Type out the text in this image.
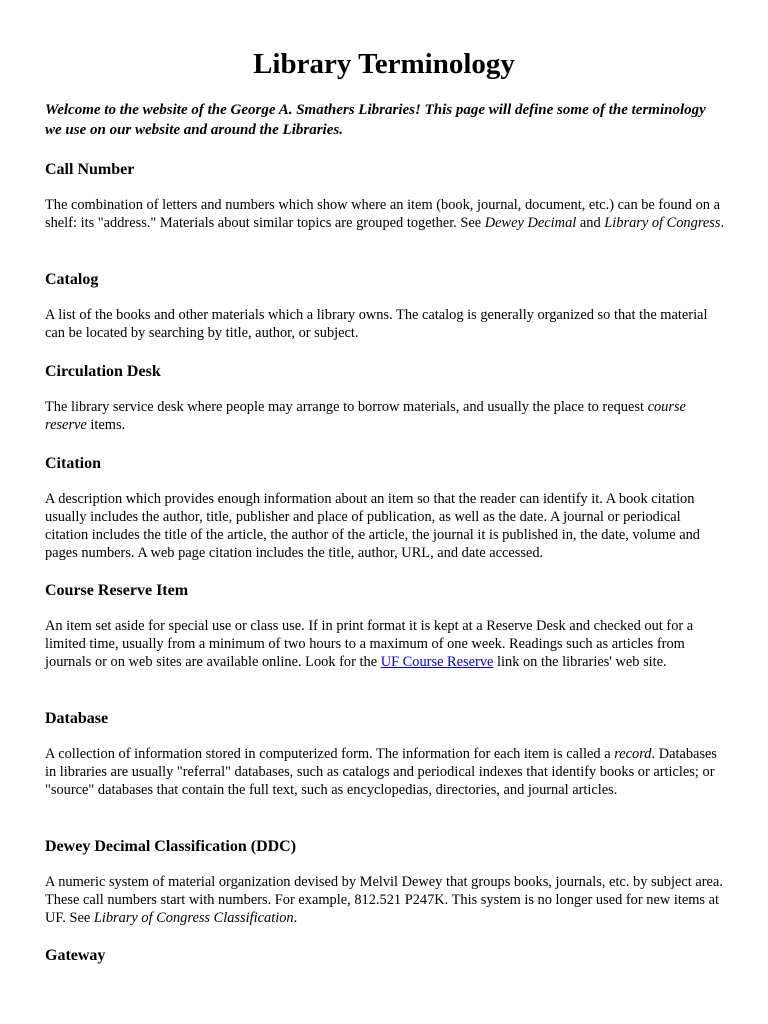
Library Terminology

Welcome to the website of the George A. Smathers Libraries! This page will define some of the terminology we use on our website and around the Libraries.

Call Number

The combination of letters and numbers which show where an item (book, journal, document, etc.) can be found on a shelf: its "address." Materials about similar topics are grouped together. See Dewey Decimal and Library of Congress.

Catalog

A list of the books and other materials which a library owns. The catalog is generally organized so that the material can be located by searching by title, author, or subject.

Circulation Desk

The library service desk where people may arrange to borrow materials, and usually the place to request course reserve items.

Citation

A description which provides enough information about an item so that the reader can identify it. A book citation usually includes the author, title, publisher and place of publication, as well as the date. A journal or periodical citation includes the title of the article, the author of the article, the journal it is published in, the date, volume and pages numbers. A web page citation includes the title, author, URL, and date accessed.

Course Reserve Item

An item set aside for special use or class use. If in print format it is kept at a Reserve Desk and checked out for a limited time, usually from a minimum of two hours to a maximum of one week. Readings such as articles from journals or on web sites are available online. Look for the UF Course Reserve link on the libraries' web site.

Database

A collection of information stored in computerized form. The information for each item is called a record. Databases in libraries are usually "referral" databases, such as catalogs and periodical indexes that identify books or articles; or "source" databases that contain the full text, such as encyclopedias, directories, and journal articles.

Dewey Decimal Classification (DDC)

A numeric system of material organization devised by Melvil Dewey that groups books, journals, etc. by subject area. These call numbers start with numbers. For example, 812.521 P247K. This system is no longer used for new items at UF. See Library of Congress Classification.

Gateway
